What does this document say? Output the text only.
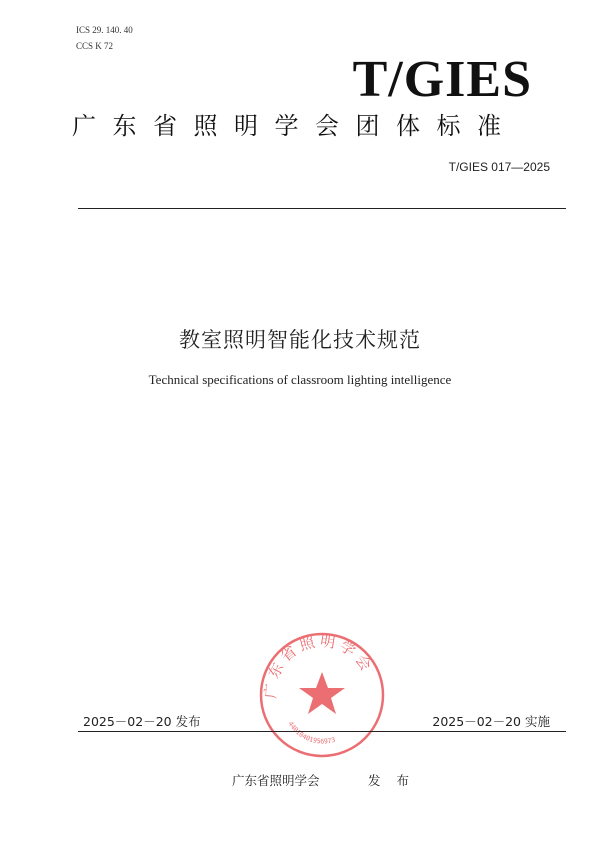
ICS 29. 140. 40
CCS K 72
T/GIES
广东省照明学会团体标准
T/GIES 017—2025
教室照明智能化技术规范
Technical specifications of classroom lighting intelligence
广东省照明学会
44010401956973
2025－02－20 发布	2025－02－20 实施
广东省照明学会	发 布
